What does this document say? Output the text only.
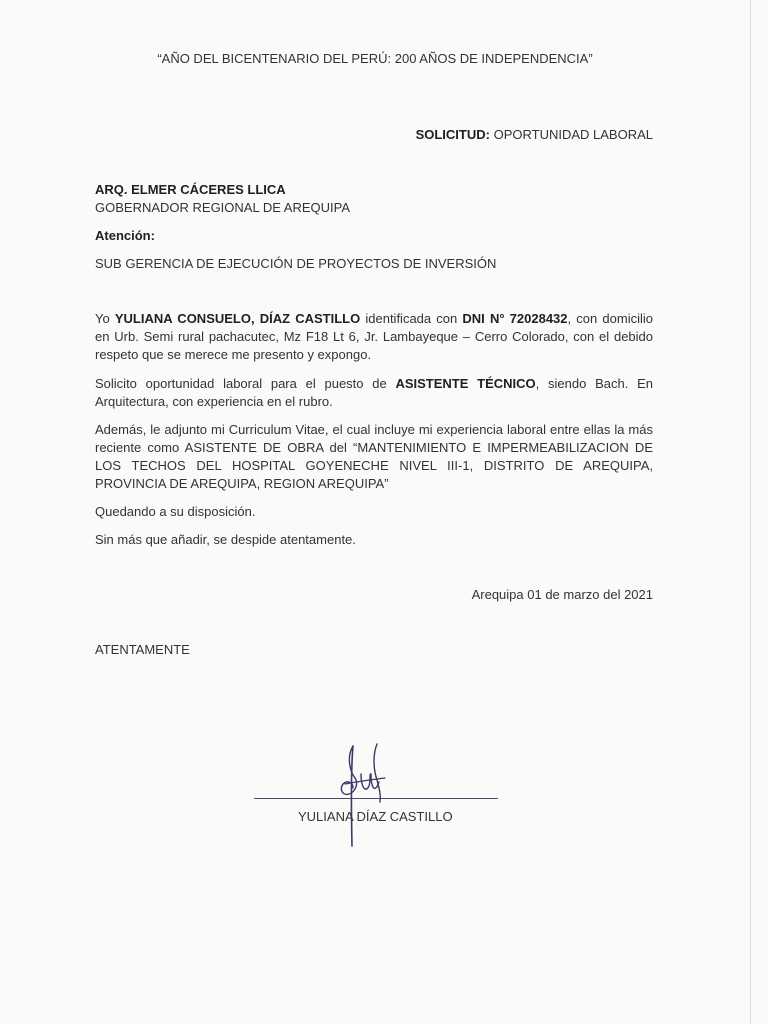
“AÑO DEL BICENTENARIO DEL PERÚ: 200 AÑOS DE INDEPENDENCIA”
SOLICITUD: OPORTUNIDAD LABORAL
ARQ. ELMER CÁCERES LLICA
GOBERNADOR REGIONAL DE AREQUIPA
Atención:
SUB GERENCIA DE EJECUCIÓN DE PROYECTOS DE INVERSIÓN
Yo YULIANA CONSUELO, DÍAZ CASTILLO identificada con DNI N° 72028432, con domicilio en Urb. Semi rural pachacutec, Mz F18 Lt 6, Jr. Lambayeque – Cerro Colorado, con el debido respeto que se merece me presento y expongo.
Solicito oportunidad laboral para el puesto de ASISTENTE TÉCNICO, siendo Bach. En Arquitectura, con experiencia en el rubro.
Además, le adjunto mi Curriculum Vitae, el cual incluye mi experiencia laboral entre ellas la más reciente como ASISTENTE DE OBRA del “MANTENIMIENTO E IMPERMEABILIZACION DE LOS TECHOS DEL HOSPITAL GOYENECHE NIVEL III-1, DISTRITO DE AREQUIPA, PROVINCIA DE AREQUIPA, REGION AREQUIPA”
Quedando a su disposición.
Sin más que añadir, se despide atentamente.
Arequipa 01 de marzo del 2021
ATENTAMENTE
YULIANA DÍAZ CASTILLO
